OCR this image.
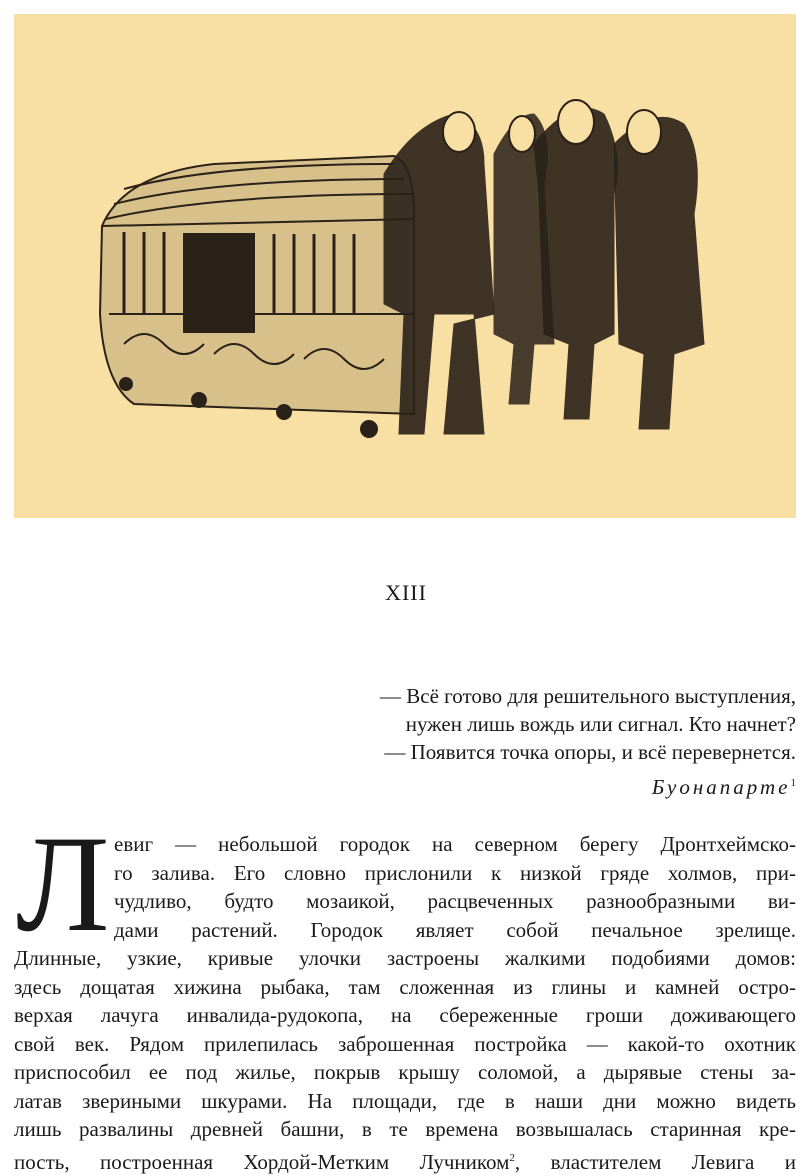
XIII
— Всё готово для решительного выступления,
нужен лишь вождь или сигнал. Кто начнет?
— Появится точка опоры, и всё перевернется.
Буонапарте$^1$
Л евиг — небольшой городок на северном берегу Дронтхеймско-
го залива. Его словно прислонили к низкой гряде холмов, при-
чудливо, будто мозаикой, расцвеченных разнообразными ви-
дами растений. Городок являет собой печальное зрелище.
Длинные, узкие, кривые улочки застроены жалкими подобиями домов:
здесь дощатая хижина рыбака, там сложенная из глины и камней остро-
верхая лачуга инвалида-рудокопа, на сбереженные гроши доживающего
свой век. Рядом прилепилась заброшенная постройка — какой-то охотник
приспособил ее под жилье, покрыв крышу соломой, а дырявые стены за-
латав звериными шкурами. На площади, где в наши дни можно видеть
лишь развалины древней башни, в те времена возвышалась старинная кре-
пость, построенная Хордой-Метким Лучником$^2$, властителем Левига и
